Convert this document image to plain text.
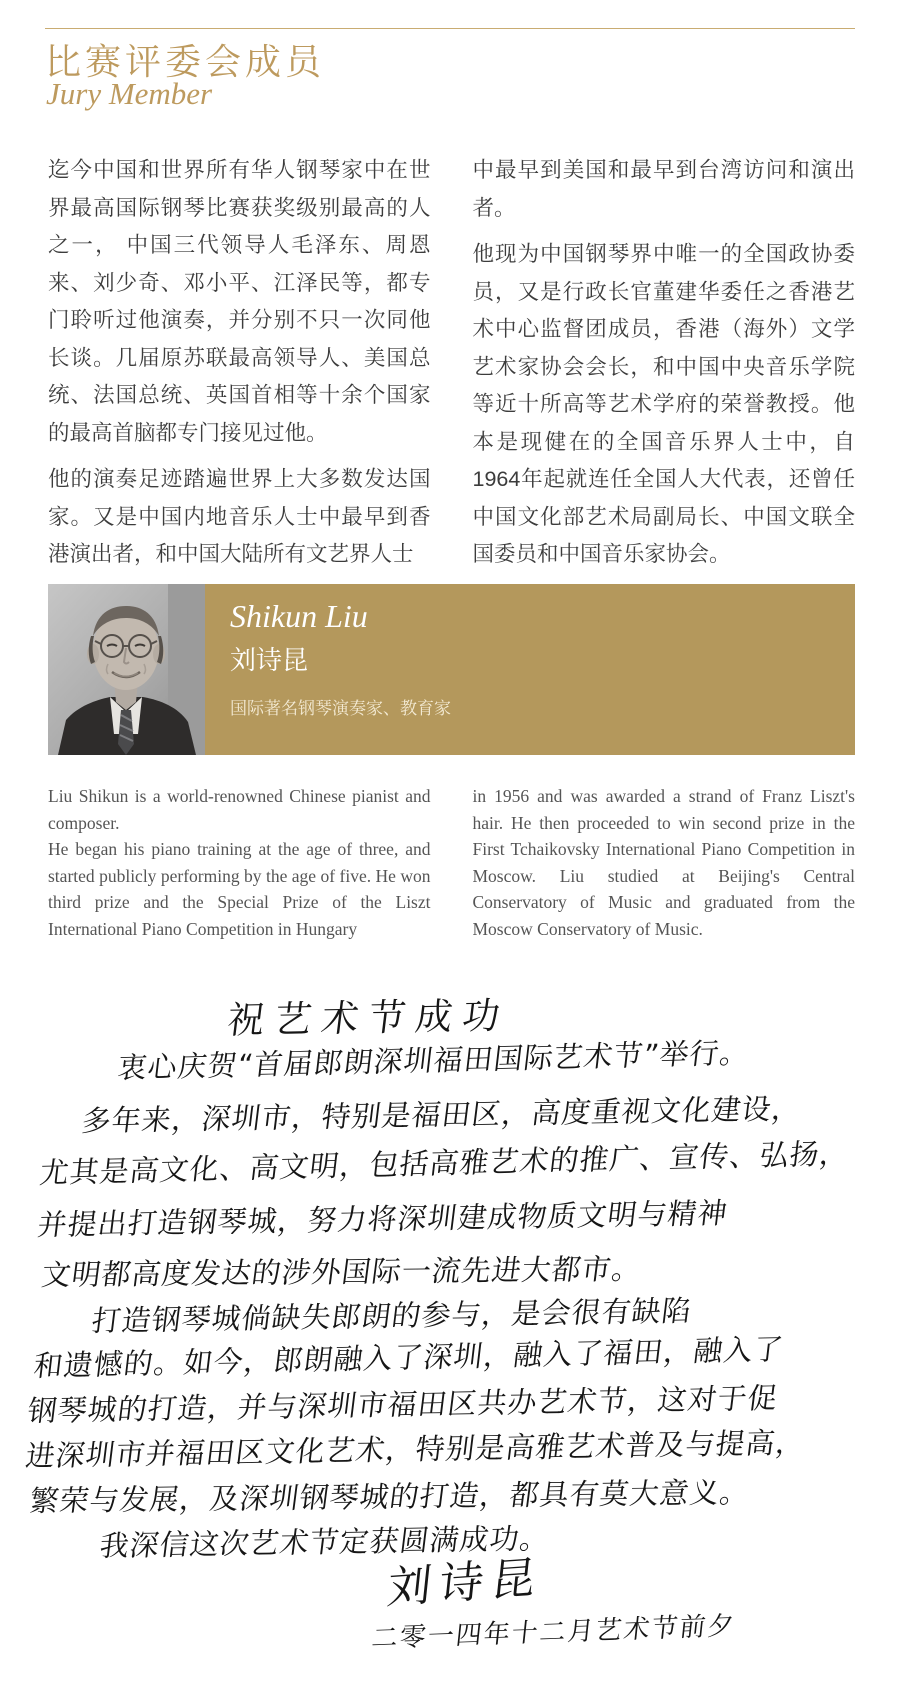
比赛评委会成员
Jury Member

迄今中国和世界所有华人钢琴家中在世界最高国际钢琴比赛获奖级别最高的人之一， 中国三代领导人毛泽东、周恩来、刘少奇、邓小平、江泽民等，都专门聆听过他演奏，并分别不只一次同他长谈。几届原苏联最高领导人、美国总统、法国总统、英国首相等十余个国家的最高首脑都专门接见过他。

他的演奏足迹踏遍世界上大多数发达国家。又是中国内地音乐人士中最早到香港演出者，和中国大陆所有文艺界人士

中最早到美国和最早到台湾访问和演出者。

他现为中国钢琴界中唯一的全国政协委员，又是行政长官董建华委任之香港艺术中心监督团成员，香港（海外）文学艺术家协会会长，和中国中央音乐学院等近十所高等艺术学府的荣誉教授。他本是现健在的全国音乐界人士中，自1964年起就连任全国人大代表，还曾任中国文化部艺术局副局长、中国文联全国委员和中国音乐家协会。

Shikun Liu
刘诗昆
国际著名钢琴演奏家、教育家

Liu Shikun is a world-renowned Chinese pianist and composer.

He began his piano training at the age of three, and started publicly performing by the age of five. He won third prize and the Special Prize of the Liszt International Piano Competition in Hungary

in 1956 and was awarded a strand of Franz Liszt's hair. He then proceeded to win second prize in the First Tchaikovsky International Piano Competition in Moscow. Liu studied at Beijing's Central Conservatory of Music and graduated from the Moscow Conservatory of Music.

祝艺术节成功
衷心庆贺“首届郎朗深圳福田国际艺术节”举行。
多年来，深圳市，特别是福田区，高度重视文化建设，
尤其是高文化、高文明，包括高雅艺术的推广、宣传、弘扬，
并提出打造钢琴城，努力将深圳建成物质文明与精神
文明都高度发达的涉外国际一流先进大都市。
打造钢琴城倘缺失郎朗的参与，是会很有缺陷
和遗憾的。如今，郎朗融入了深圳，融入了福田，融入了
钢琴城的打造，并与深圳市福田区共办艺术节，这对于促
进深圳市并福田区文化艺术，特别是高雅艺术普及与提高，
繁荣与发展，及深圳钢琴城的打造，都具有莫大意义。
我深信这次艺术节定获圆满成功。
刘诗昆
二零一四年十二月艺术节前夕
